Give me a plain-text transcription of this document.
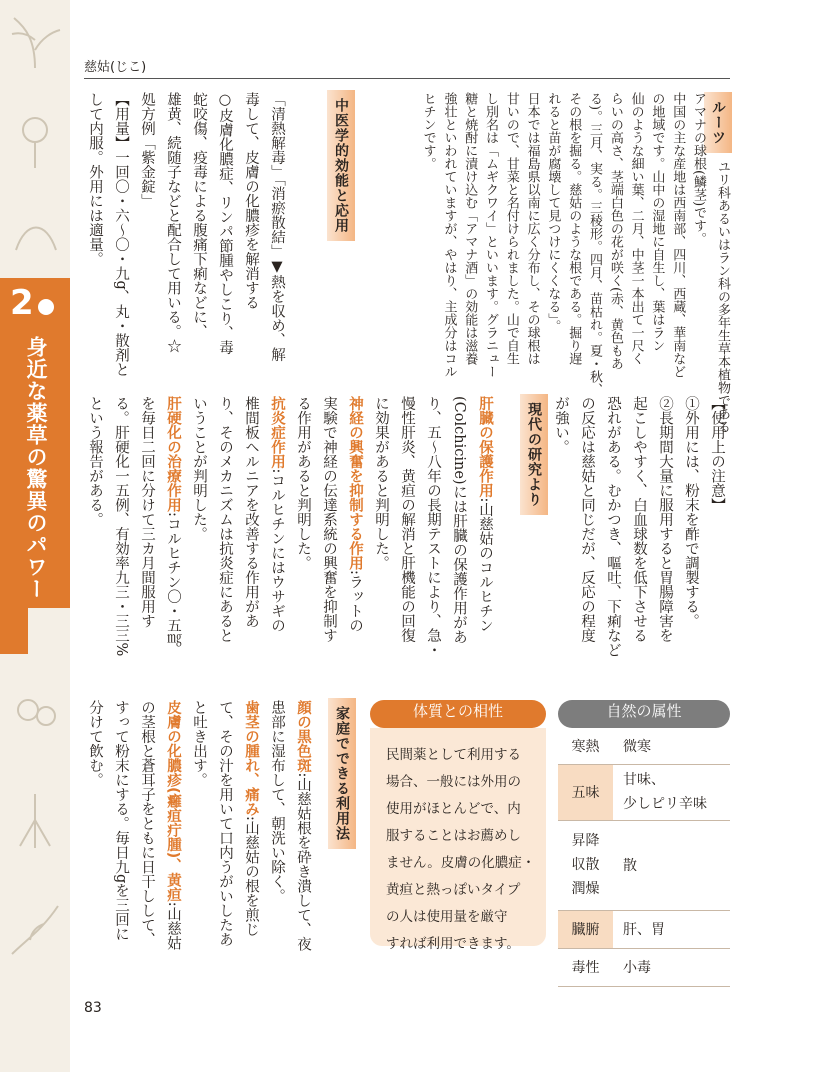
2
身近な薬草の驚異のパワー
慈姑(じこ)
ルーツ
ユリ科あるいはラン科の多年生草本植物である
アマナの球根(鱗茎)です。
中国の主な産地は西南部、四川、西蔵、華南など
の地域です。山中の湿地に自生し、葉はラン
仙のような細い葉、二月、中茎一本出て一尺く
らいの高さ、茎端白色の花が咲く(赤、黄色もあ
る)。三月、実る。三稜形。四月、苗枯れ。夏・秋、
その根を掘る。慈姑のような根である。掘り遅
れると苗が腐壊して見つけにくくなる」。
日本では福島県以南に広く分布し、その球根は
甘いので、甘菜と名付けられました。山で自生
し別名は「ムギクワイ」といいます。グラニュー
糖と焼酎に漬け込む「アマナ酒」の効能は滋養
強壮といわれていますが、やはり、主成分はコル
ヒチンです。
中医学的効能と応用
「清熱解毒」「消瘀散結」▼熱を収め、解
毒して、皮膚の化膿疹を解消する
○皮膚化膿症、リンパ節腫やしこり、毒
蛇咬傷、疫毒による腹痛下痢などに、
雄黄、続随子などと配合して用いる。☆
処方例「紫金錠」
【用量】一回〇・六〜〇・九g、丸・散剤と
して内服。外用には適量。
【使用上の注意】
①外用には、粉末を酢で調製する。
②長期間大量に服用すると胃腸障害を
起こしやすく、白血球数を低下させる
恐れがある。むかつき、嘔吐、下痢など
の反応は慈姑と同じだが、反応の程度
が強い。
現代の研究より
肝臓の保護作用:山慈姑のコルヒチン
(Colchicine)には肝臓の保護作用があ
り、五〜八年の長期テストにより、急・
慢性肝炎、黄疸の解消と肝機能の回復
に効果があると判明した。
神経の興奮を抑制する作用:ラットの
実験で神経の伝達系統の興奮を抑制す
る作用があると判明した。
抗炎症作用:コルヒチンにはウサギの
椎間板ヘルニアを改善する作用があ
り、そのメカニズムは抗炎症にあると
いうことが判明した。
肝硬化の治療作用:コルヒチン〇・五㎎
を毎日二回に分けて三カ月間服用す
る。肝硬化一五例、有効率九三・三三%
という報告がある。
家庭でできる利用法
顔の黒色斑:山慈姑根を砕き潰して、夜
患部に湿布して、朝洗い除く。
歯茎の腫れ、痛み:山慈姑の根を煎じ
て、その汁を用いて口内うがいしたあ
と吐き出す。
皮膚の化膿疹(癰疽疔腫)、黄疸:山慈姑
の茎根と蒼耳子をともに日干しして、
すって粉末にする。毎日九gを三回に
分けて飲む。	体質との相性
民間薬として利用する
場合、一般には外用の
使用がほとんどで、内
服することはお薦めし
ません。皮膚の化膿症・
黄疸と熱っぽいタイプ
の人は使用量を厳守
すれば利用できます。
自然の属性
寒熱	微寒
五味	甘味、
少しピリ辛味

昇降
収散
潤燥	散
臓腑	肝、胃
毒性	小毒
83
